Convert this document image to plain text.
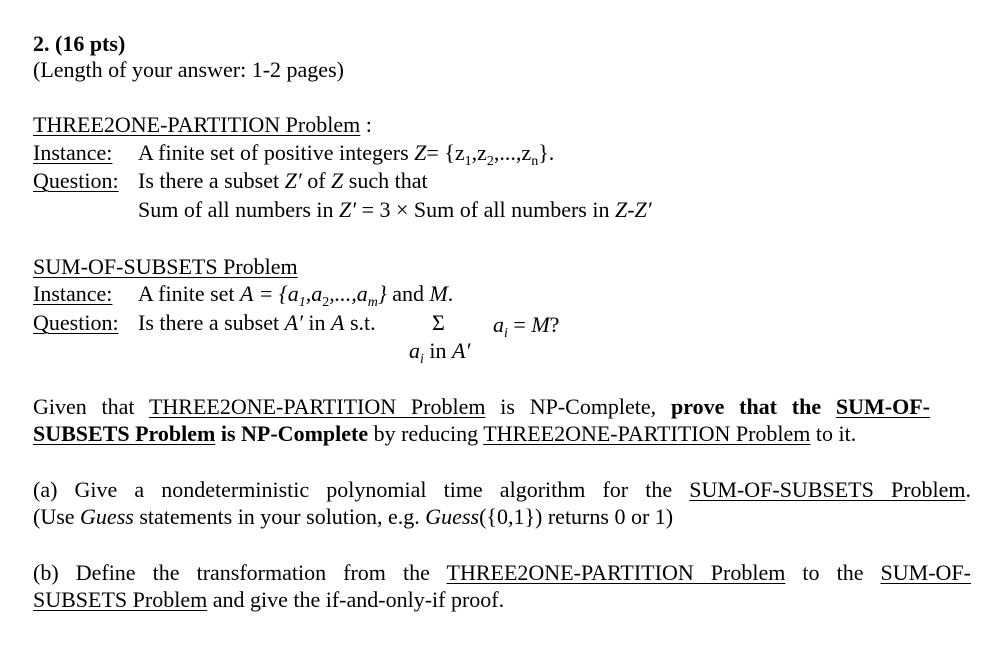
2. (16 pts)
(Length of your answer: 1-2 pages)
THREE2ONE-PARTITION Problem :
Instance: A finite set of positive integers $Z= \{z_1,z_2,...,z_n\}$.
Question: Is there a subset Z′ of Z such that
Sum of all numbers in Z′ = 3 × Sum of all numbers in Z-Z′
SUM-OF-SUBSETS Problem
Instance: A finite set $A = \{a_1,a_2,...,a_m\}$ and M.
Question: Is there a subset A′ in A s.t.	Σ $a_i = M$?
$a_i$ in A′
Given that THREE2ONE-PARTITION Problem is NP-Complete, prove that the SUM-OF-
SUBSETS Problem is NP-Complete by reducing THREE2ONE-PARTITION Problem to it.
(a) Give a nondeterministic polynomial time algorithm for the SUM-OF-SUBSETS Problem.
(Use Guess statements in your solution, e.g. Guess({0,1}) returns 0 or 1)
(b) Define the transformation from the THREE2ONE-PARTITION Problem to the SUM-OF-
SUBSETS Problem and give the if-and-only-if proof.
